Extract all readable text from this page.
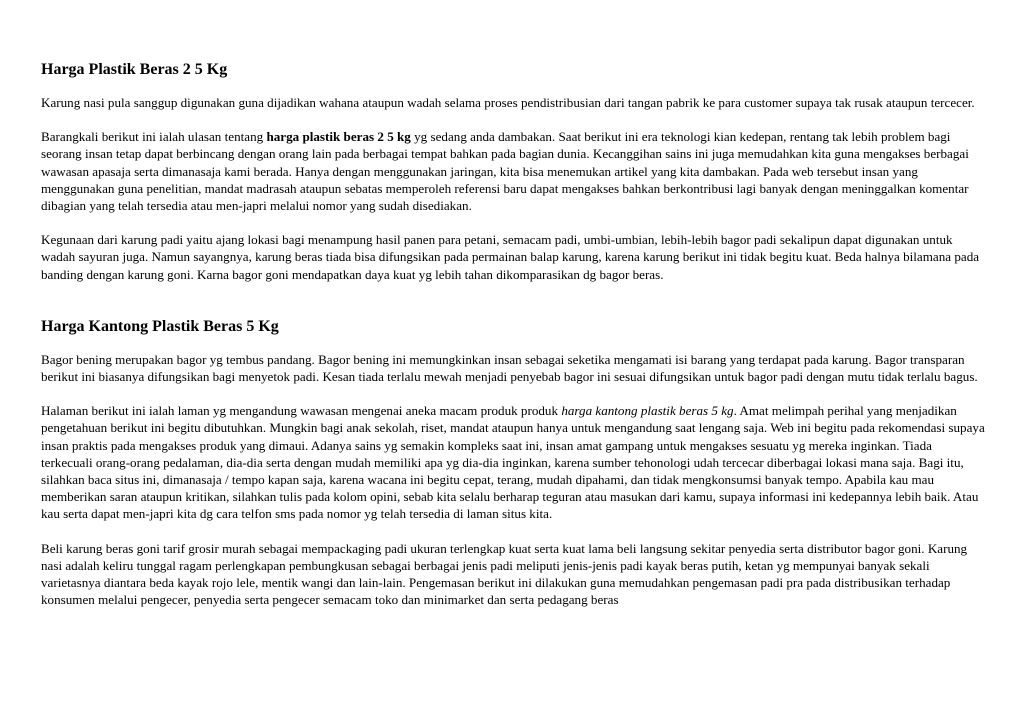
Harga Plastik Beras 2 5 Kg

Karung nasi pula sanggup digunakan guna dijadikan wahana ataupun wadah selama proses pendistribusian dari tangan pabrik ke para customer supaya tak rusak ataupun tercecer.

Barangkali berikut ini ialah ulasan tentang harga plastik beras 2 5 kg yg sedang anda dambakan. Saat berikut ini era teknologi kian kedepan, rentang tak lebih problem bagi seorang insan tetap dapat berbincang dengan orang lain pada berbagai tempat bahkan pada bagian dunia. Kecanggihan sains ini juga memudahkan kita guna mengakses berbagai wawasan apasaja serta dimanasaja kami berada. Hanya dengan menggunakan jaringan, kita bisa menemukan artikel yang kita dambakan. Pada web tersebut insan yang menggunakan guna penelitian, mandat madrasah ataupun sebatas memperoleh referensi baru dapat mengakses bahkan berkontribusi lagi banyak dengan meninggalkan komentar dibagian yang telah tersedia atau men-japri melalui nomor yang sudah disediakan.

Kegunaan dari karung padi yaitu ajang lokasi bagi menampung hasil panen para petani, semacam padi, umbi-umbian, lebih-lebih bagor padi sekalipun dapat digunakan untuk wadah sayuran juga. Namun sayangnya, karung beras tiada bisa difungsikan pada permainan balap karung, karena karung berikut ini tidak begitu kuat. Beda halnya bilamana pada banding dengan karung goni. Karna bagor goni mendapatkan daya kuat yg lebih tahan dikomparasikan dg bagor beras.

Harga Kantong Plastik Beras 5 Kg

Bagor bening merupakan bagor yg tembus pandang. Bagor bening ini memungkinkan insan sebagai seketika mengamati isi barang yang terdapat pada karung. Bagor transparan berikut ini biasanya difungsikan bagi menyetok padi. Kesan tiada terlalu mewah menjadi penyebab bagor ini sesuai difungsikan untuk bagor padi dengan mutu tidak terlalu bagus.

Halaman berikut ini ialah laman yg mengandung wawasan mengenai aneka macam produk produk harga kantong plastik beras 5 kg. Amat melimpah perihal yang menjadikan pengetahuan berikut ini begitu dibutuhkan. Mungkin bagi anak sekolah, riset, mandat ataupun hanya untuk mengandung saat lengang saja. Web ini begitu pada rekomendasi supaya insan praktis pada mengakses produk yang dimaui. Adanya sains yg semakin kompleks saat ini, insan amat gampang untuk mengakses sesuatu yg mereka inginkan. Tiada terkecuali orang-orang pedalaman, dia-dia serta dengan mudah memiliki apa yg dia-dia inginkan, karena sumber tehonologi udah tercecar diberbagai lokasi mana saja. Bagi itu, silahkan baca situs ini, dimanasaja / tempo kapan saja, karena wacana ini begitu cepat, terang, mudah dipahami, dan tidak mengkonsumsi banyak tempo. Apabila kau mau memberikan saran ataupun kritikan, silahkan tulis pada kolom opini, sebab kita selalu berharap teguran atau masukan dari kamu, supaya informasi ini kedepannya lebih baik. Atau kau serta dapat men-japri kita dg cara telfon sms pada nomor yg telah tersedia di laman situs kita.

Beli karung beras goni tarif grosir murah sebagai mempackaging padi ukuran terlengkap kuat serta kuat lama beli langsung sekitar penyedia serta distributor bagor goni. Karung nasi adalah keliru tunggal ragam perlengkapan pembungkusan sebagai berbagai jenis padi meliputi jenis-jenis padi kayak beras putih, ketan yg mempunyai banyak sekali varietasnya diantara beda kayak rojo lele, mentik wangi dan lain-lain. Pengemasan berikut ini dilakukan guna memudahkan pengemasan padi pra pada distribusikan terhadap konsumen melalui pengecer, penyedia serta pengecer semacam toko dan minimarket dan serta pedagang beras
